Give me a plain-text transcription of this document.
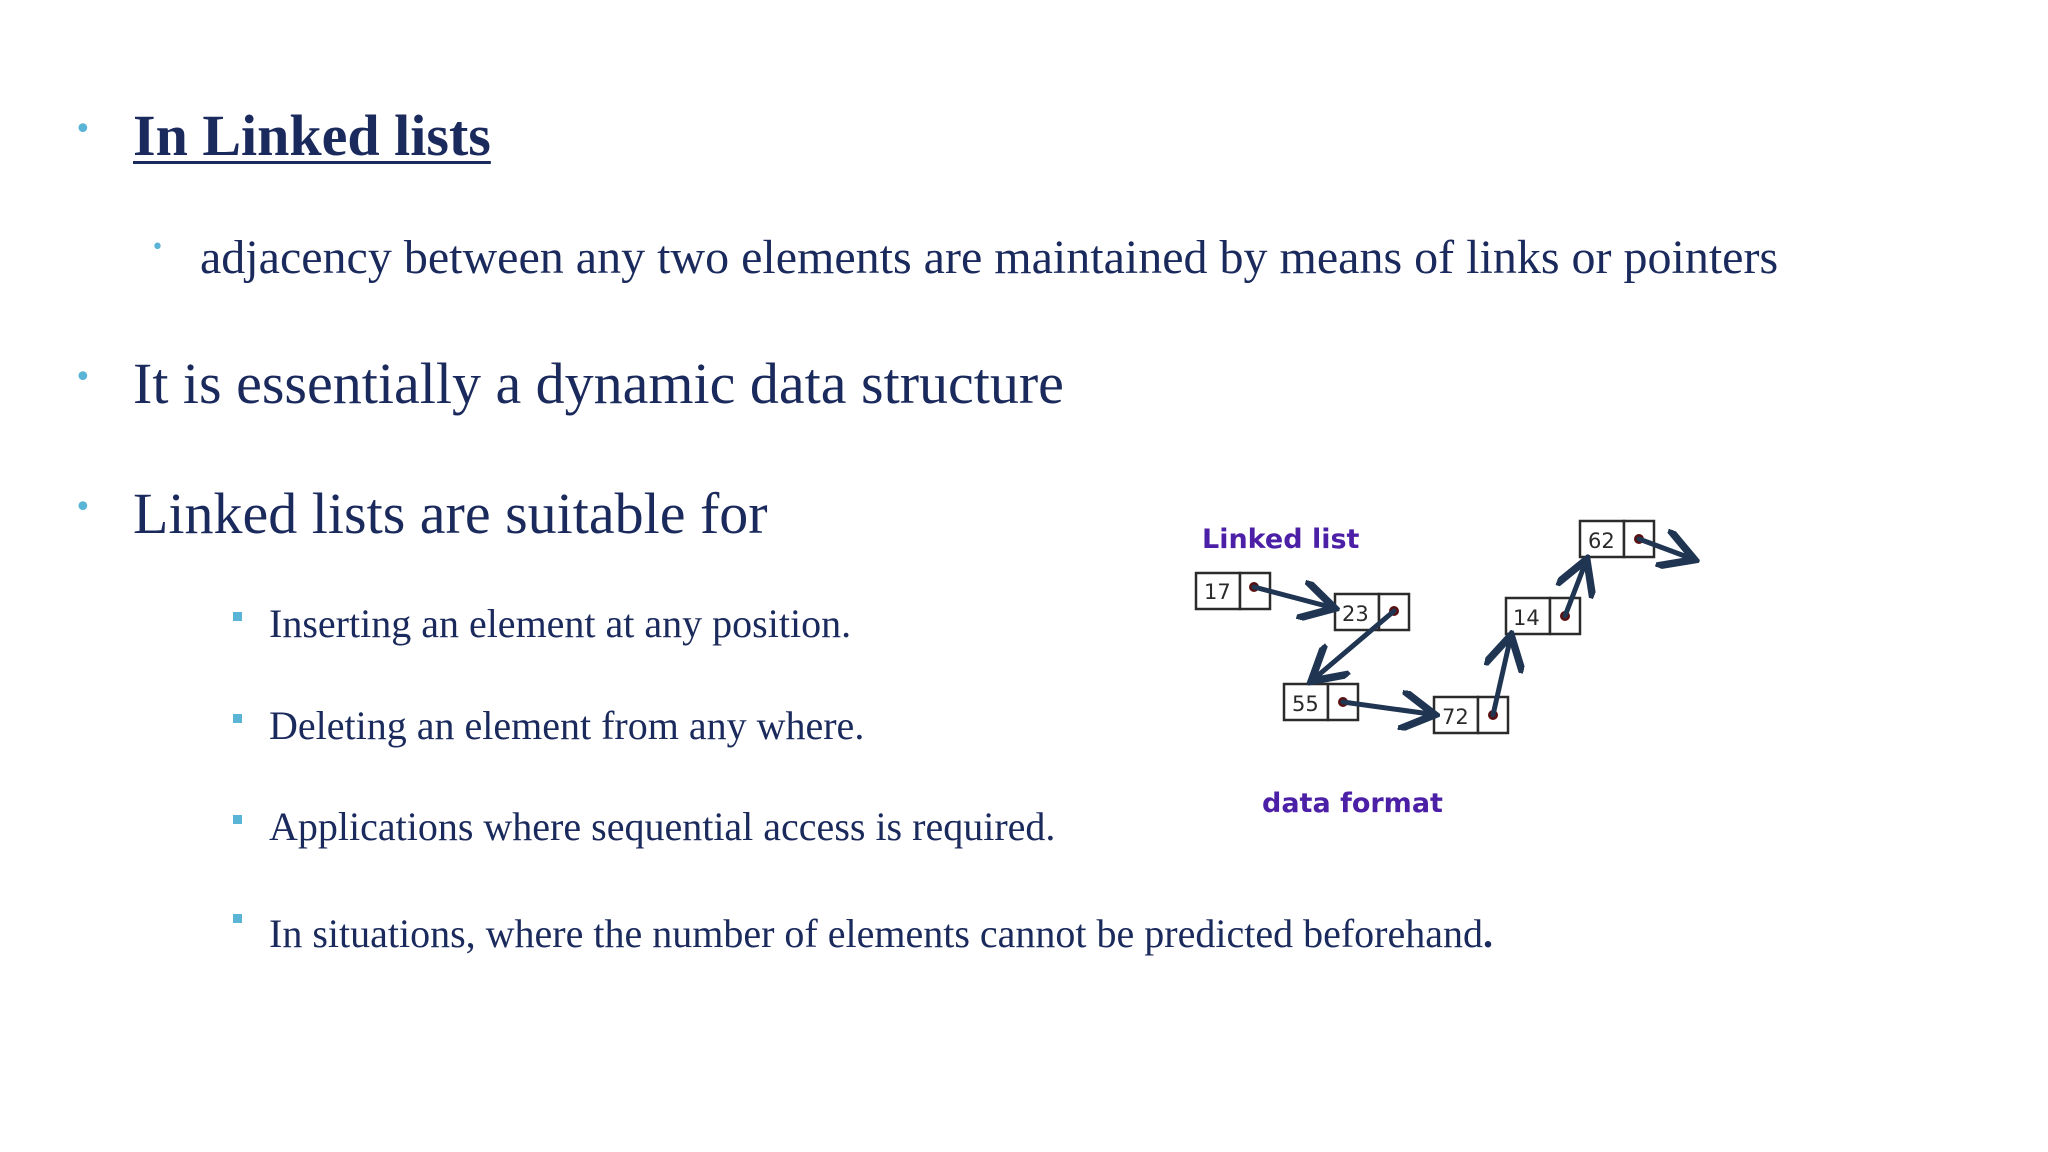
• In Linked lists
• adjacency between any two elements are maintained by means of links or pointers
• It is essentially a dynamic data structure
• Linked lists are suitable for
Inserting an element at any position.
Deleting an element from any where.
Applications where sequential access is required.
In situations, where the number of elements cannot be predicted beforehand.
Linked list
17
23
55
72
14
62
data format
